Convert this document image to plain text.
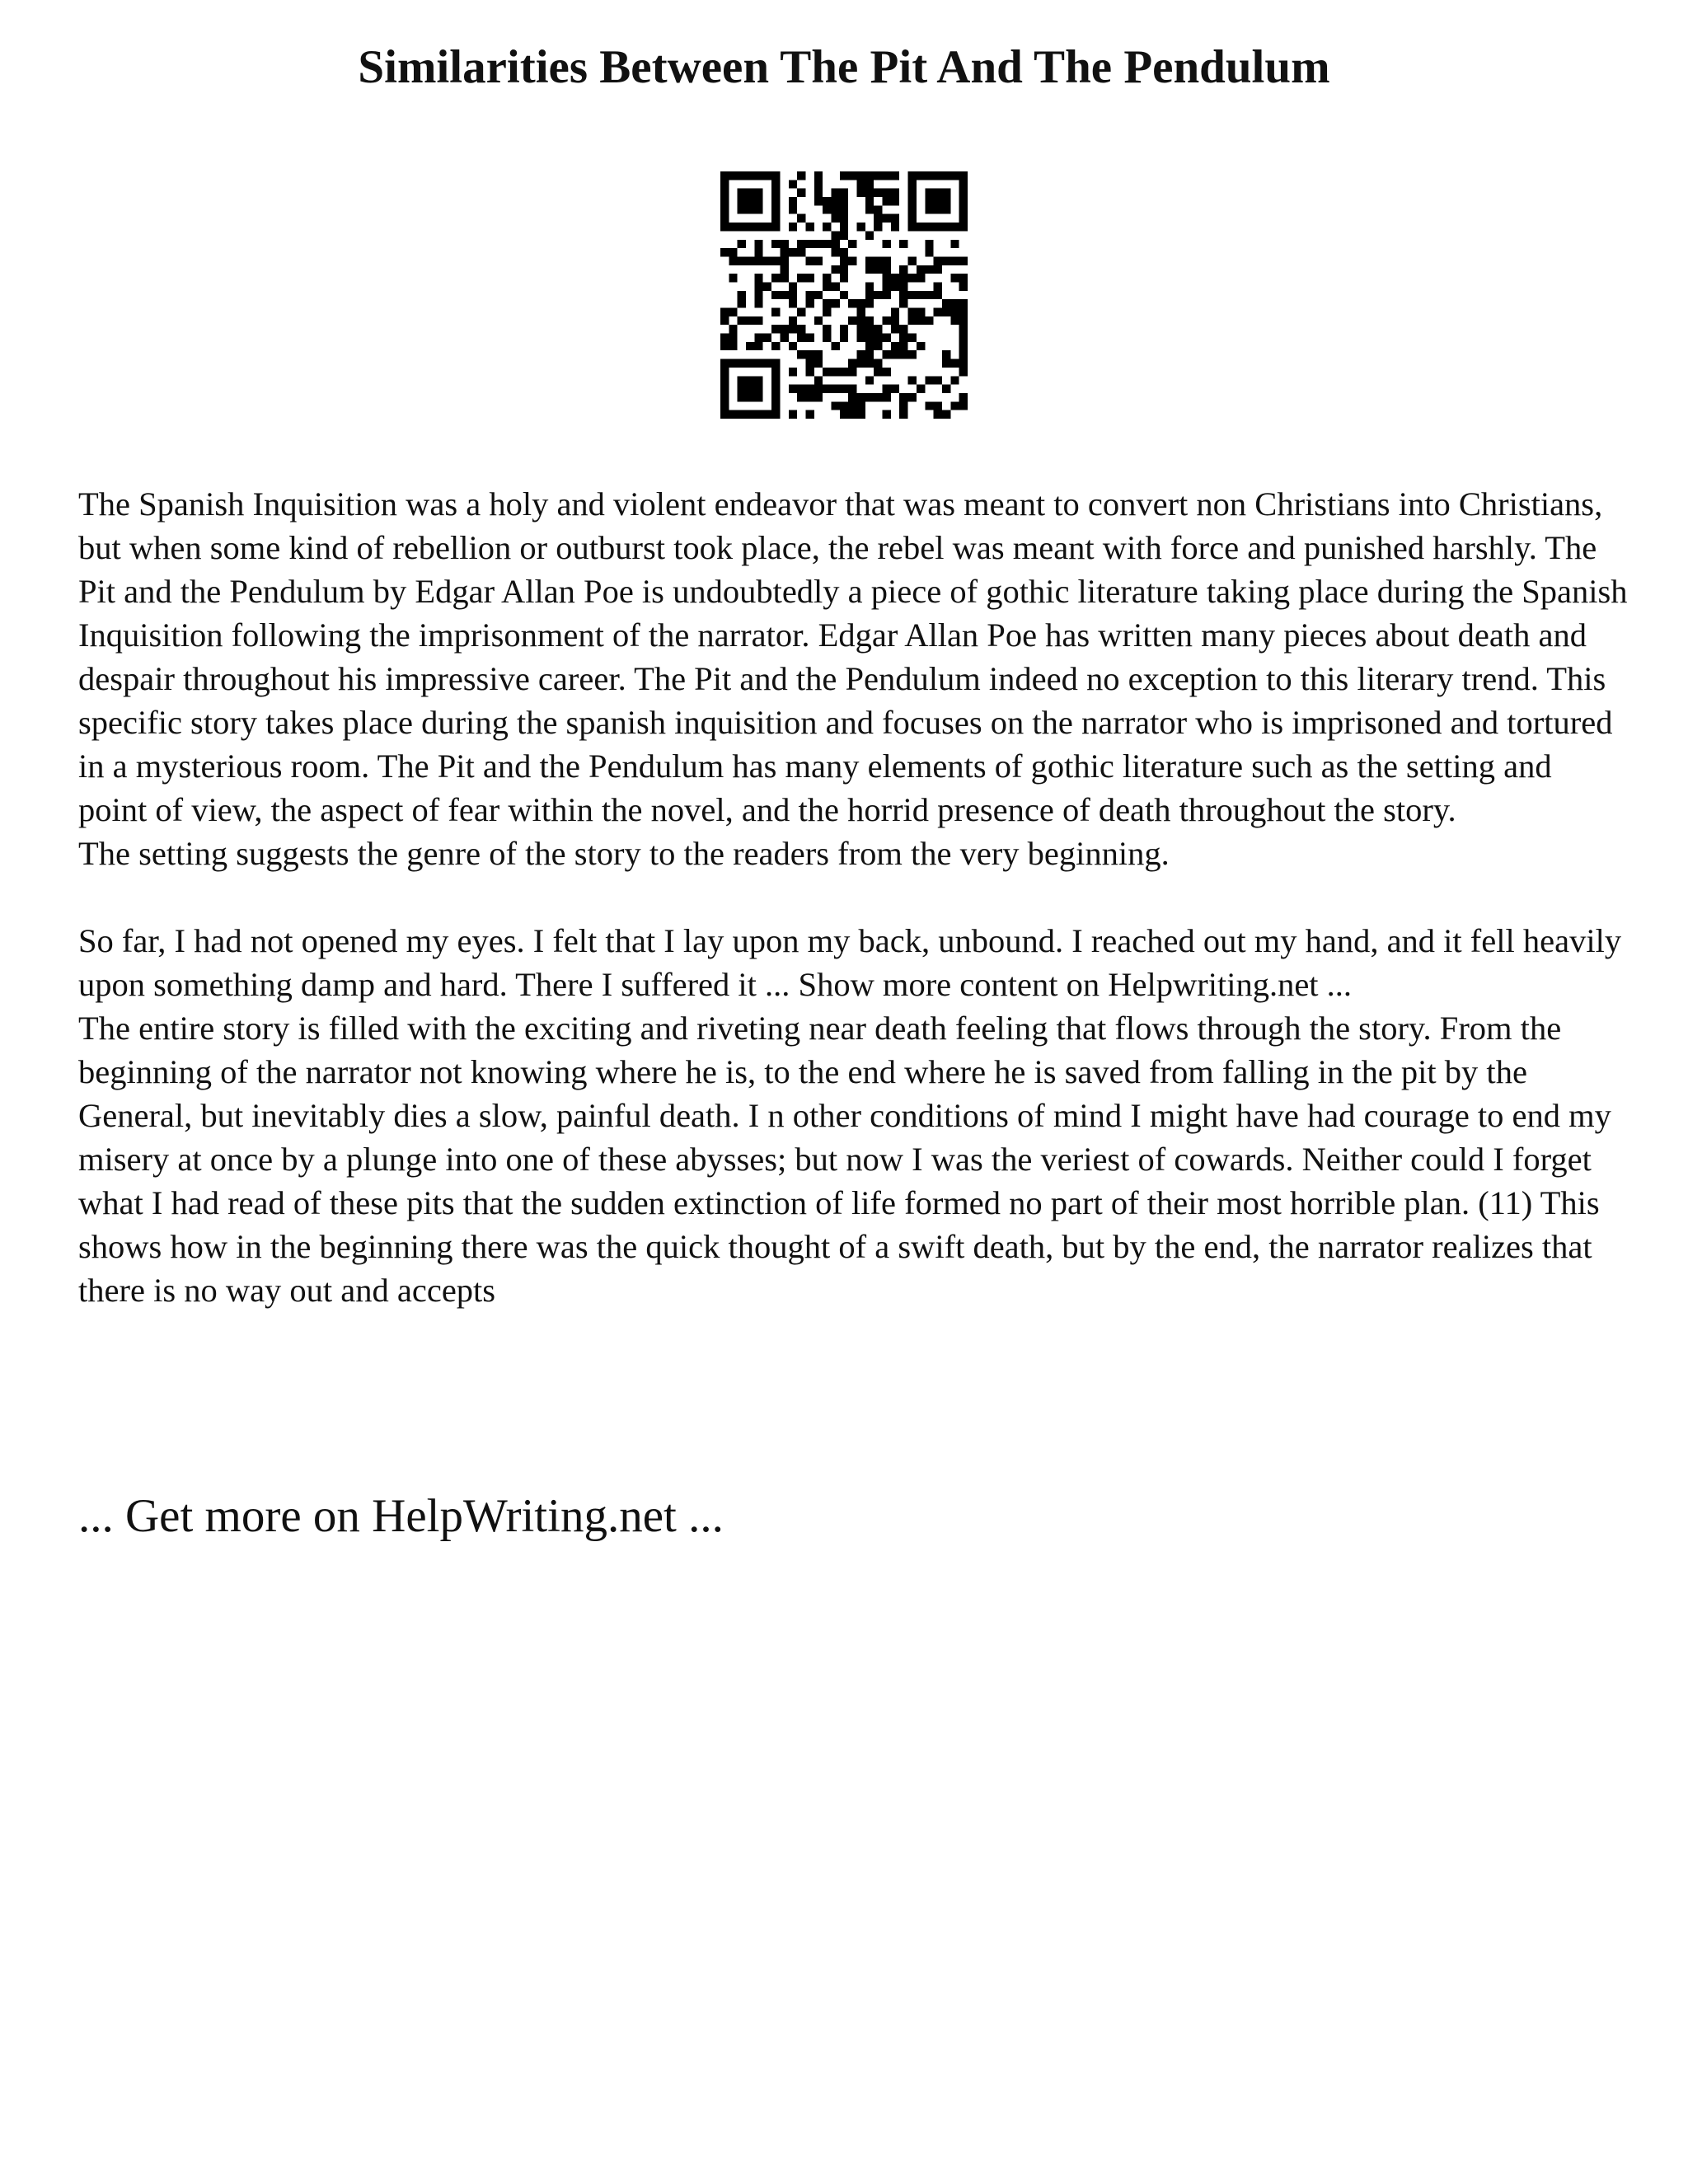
Similarities Between The Pit And The Pendulum

The Spanish Inquisition was a holy and violent endeavor that was meant to convert non Christians into Christians, but when some kind of rebellion or outburst took place, the rebel was meant with force and punished harshly. The Pit and the Pendulum by Edgar Allan Poe is undoubtedly a piece of gothic literature taking place during the Spanish Inquisition following the imprisonment of the narrator. Edgar Allan Poe has written many pieces about death and despair throughout his impressive career. The Pit and the Pendulum indeed no exception to this literary trend. This specific story takes place during the spanish inquisition and focuses on the narrator who is imprisoned and tortured in a mysterious room. The Pit and the Pendulum has many elements of gothic literature such as the setting and point of view, the aspect of fear within the novel, and the horrid presence of death throughout the story.

The setting suggests the genre of the story to the readers from the very beginning.

So far, I had not opened my eyes. I felt that I lay upon my back, unbound. I reached out my hand, and it fell heavily upon something damp and hard. There I suffered it ... Show more content on Helpwriting.net ...

The entire story is filled with the exciting and riveting near death feeling that flows through the story. From the beginning of the narrator not knowing where he is, to the end where he is saved from falling in the pit by the General, but inevitably dies a slow, painful death. I n other conditions of mind I might have had courage to end my misery at once by a plunge into one of these abysses; but now I was the veriest of cowards. Neither could I forget what I had read of these pits that the sudden extinction of life formed no part of their most horrible plan. (11) This shows how in the beginning there was the quick thought of a swift death, but by the end, the narrator realizes that there is no way out and accepts

... Get more on HelpWriting.net ...
